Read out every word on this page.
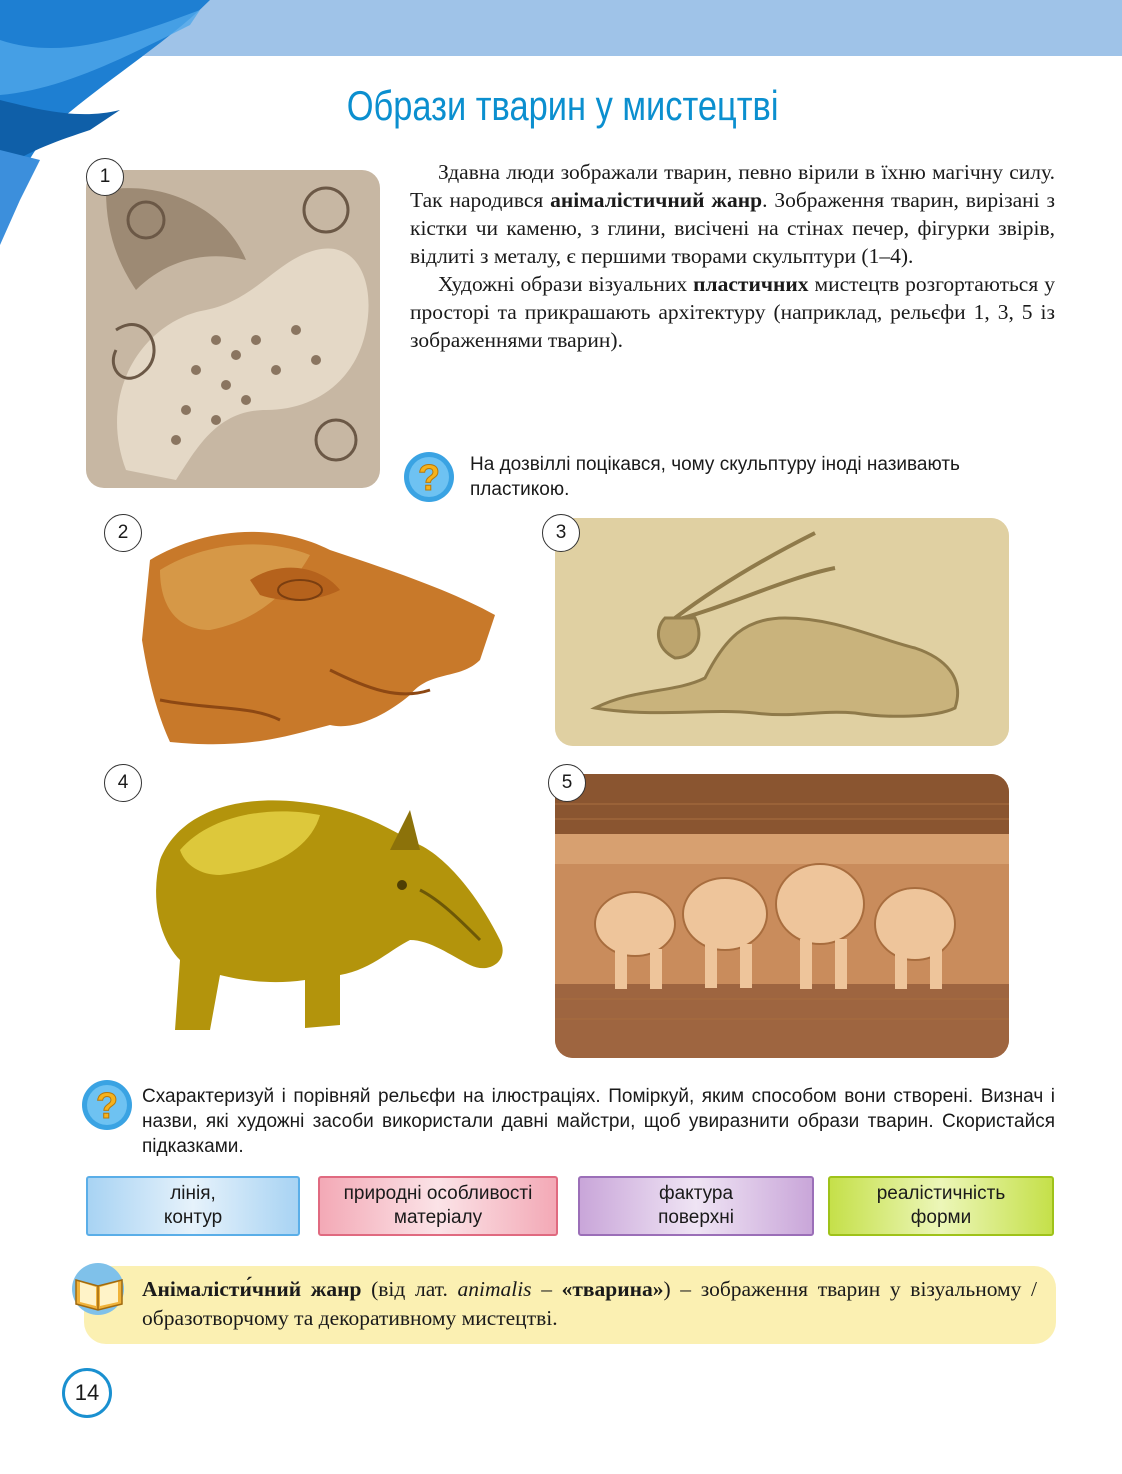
Образи тварин у мистецтві
1	Здавна люди зображали тварин, певно вірили в їхню магічну силу. Так народився анімалістичний жанр. Зображення тварин, вирізані з кістки чи каменю, з глини, висічені на стінах печер, фігурки звірів, відлиті з металу, є першими творами скульптури (1–4).

Художні образи візуальних пластичних мистецтв розгортаються у просторі та прикрашають архітектуру (наприклад, рельєфи 1, 3, 5 із зображеннями тварин).

? На дозвіллі поцікався, чому скульптуру іноді називають пластикою.
2	3
4	5
? Схарактеризуй і порівняй рельєфи на ілюстраціях. Поміркуй, яким способом вони створені. Визнач і назви, які художні засоби використали давні майстри, щоб увиразнити образи тварин. Скористайся підказками.
лінія,
контур
природні особливості
матеріалу
фактура
поверхні
реалістичність
форми
Анімалісти́чний жанр (від лат. animalis – «тварина») – зображення тварин у візуальному / образотворчому та декоративному мистецтві.
14
